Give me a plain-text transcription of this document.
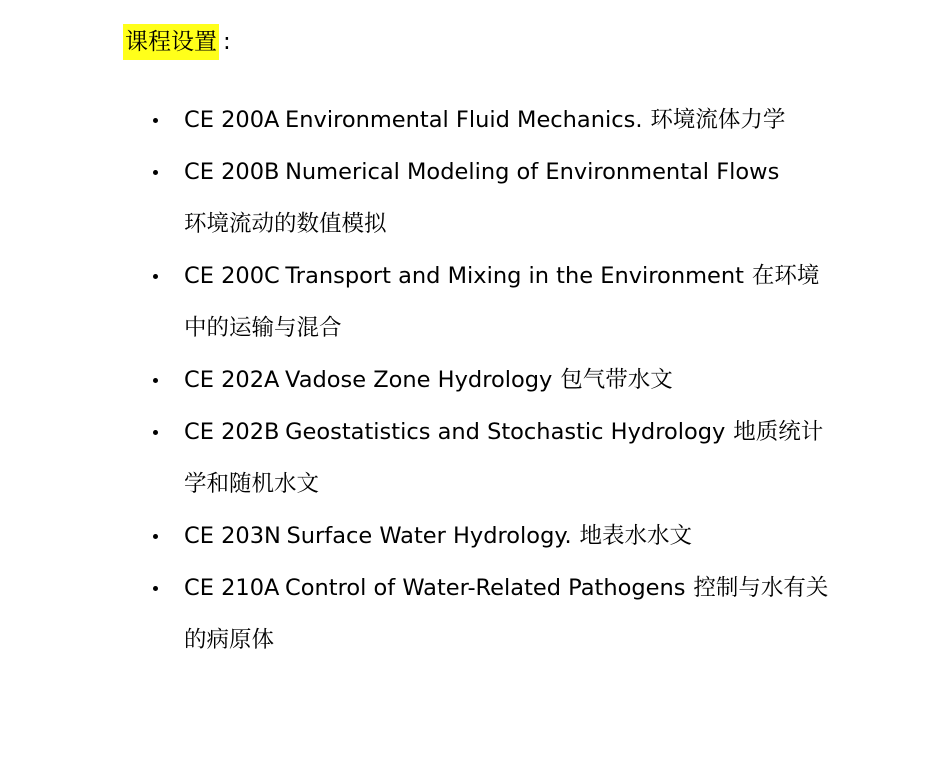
课程设置 :
CE 200A Environmental Fluid Mechanics. 环境流体力学
CE 200B Numerical Modeling of Environmental Flows
环境流动的数值模拟
CE 200C Transport and Mixing in the Environment 在环境中的运输与混合
CE 202A Vadose Zone Hydrology 包气带水文
CE 202B Geostatistics and Stochastic Hydrology 地质统计学和随机水文
CE 203N Surface Water Hydrology. 地表水水文
CE 210A Control of Water-Related Pathogens 控制与水有关的病原体
